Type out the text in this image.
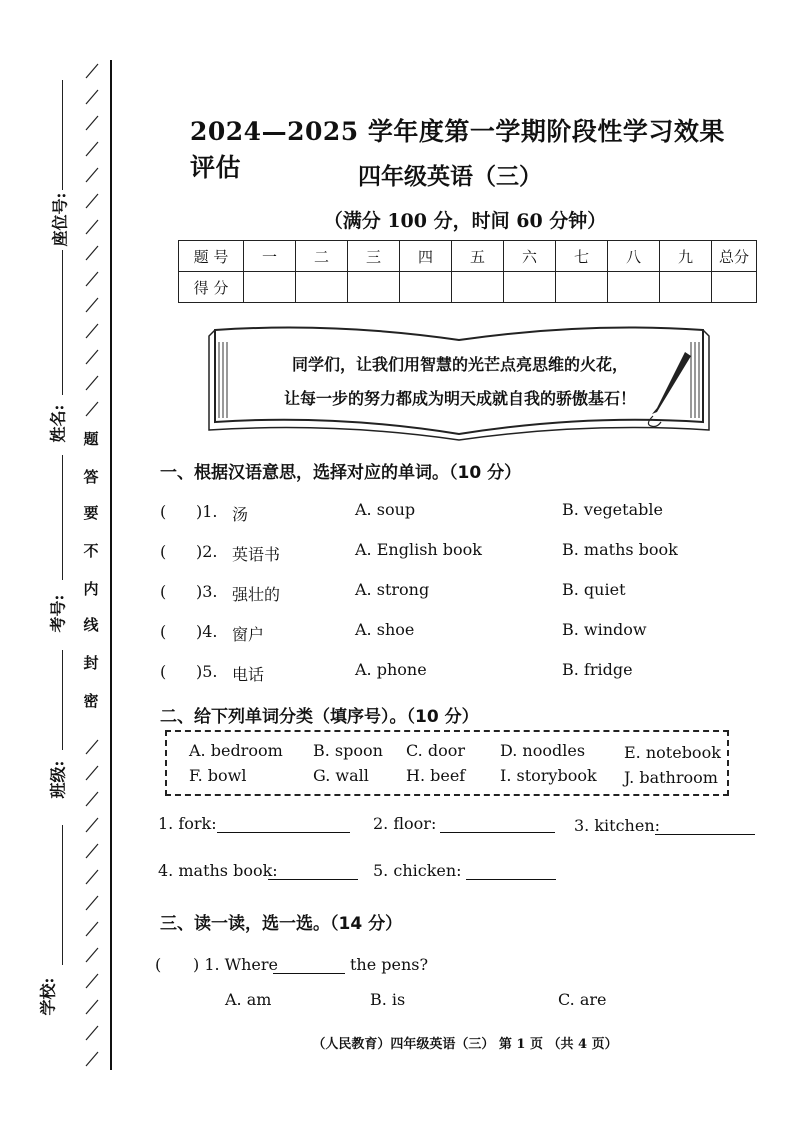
座位号:
姓名:
考号:
班级:
学校:
密
封
线
内
不
要
答
题
2024—2025 学年度第一学期阶段性学习效果评估	四年级英语（三）
（满分 100 分，时间 60 分钟）
题 号	一	二	三	四	五	六	七	八	九	总分
得 分										
同学们，让我们用智慧的光芒点亮思维的火花，
让每一步的努力都成为明天成就自我的骄傲基石！
一、根据汉语意思，选择对应的单词。（10 分）
( )1. 汤	A. soup	B. vegetable
( )2. 英语书	A. English book	B. maths book
( )3. 强壮的	A. strong	B. quiet
( )4. 窗户	A. shoe	B. window
( )5. 电话	A. phone	B. fridge
二、给下列单词分类（填序号）。（10 分）
A. bedroom B. spoon C. door D. noodles E. notebook
F. bowl	G. wall H. beef I. storybook J. bathroom
1. fork:	2. floor:	3. kitchen:
4. maths book:	5. chicken:
三、读一读，选一选。（14 分）
( ) 1. Where	the pens?
A. am	B. is	C. are
（人民教育）四年级英语（三） 第 1 页 （共 4 页）
